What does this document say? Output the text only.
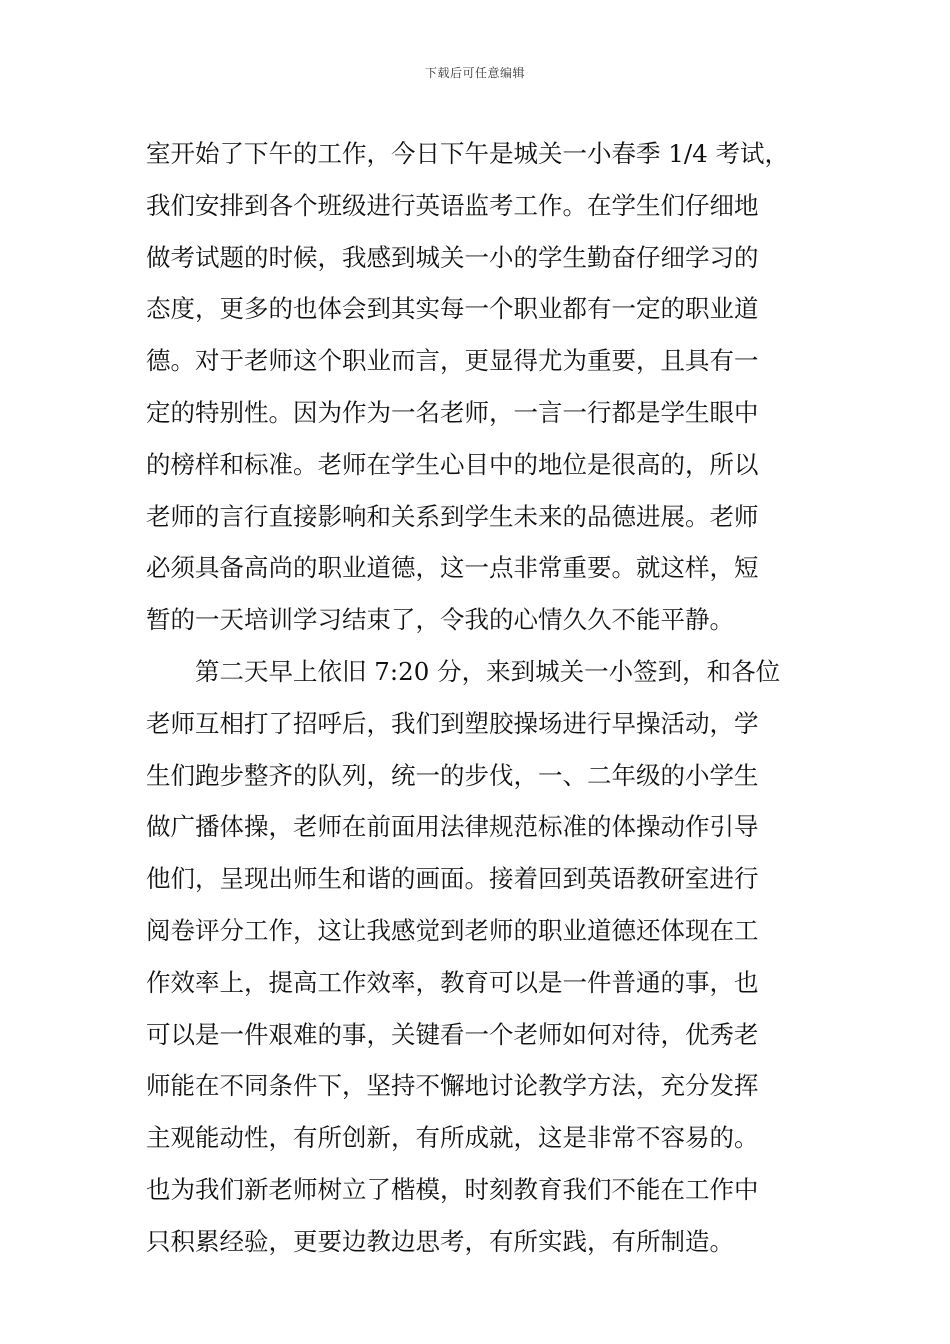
下载后可任意编辑
室开始了下午的工作，今日下午是城关一小春季 1/4 考试，
我们安排到各个班级进行英语监考工作。在学生们仔细地
做考试题的时候，我感到城关一小的学生勤奋仔细学习的
态度，更多的也体会到其实每一个职业都有一定的职业道
德。对于老师这个职业而言，更显得尤为重要，且具有一
定的特别性。因为作为一名老师，一言一行都是学生眼中
的榜样和标准。老师在学生心目中的地位是很高的，所以
老师的言行直接影响和关系到学生未来的品德进展。老师
必须具备高尚的职业道德，这一点非常重要。就这样，短
暂的一天培训学习结束了，令我的心情久久不能平静。
第二天早上依旧 7:20 分，来到城关一小签到，和各位
老师互相打了招呼后，我们到塑胶操场进行早操活动，学
生们跑步整齐的队列，统一的步伐，一、二年级的小学生
做广播体操，老师在前面用法律规范标准的体操动作引导
他们，呈现出师生和谐的画面。接着回到英语教研室进行
阅卷评分工作，这让我感觉到老师的职业道德还体现在工
作效率上，提高工作效率，教育可以是一件普通的事，也
可以是一件艰难的事，关键看一个老师如何对待，优秀老
师能在不同条件下，坚持不懈地讨论教学方法，充分发挥
主观能动性，有所创新，有所成就，这是非常不容易的。
也为我们新老师树立了楷模，时刻教育我们不能在工作中
只积累经验，更要边教边思考，有所实践，有所制造。
